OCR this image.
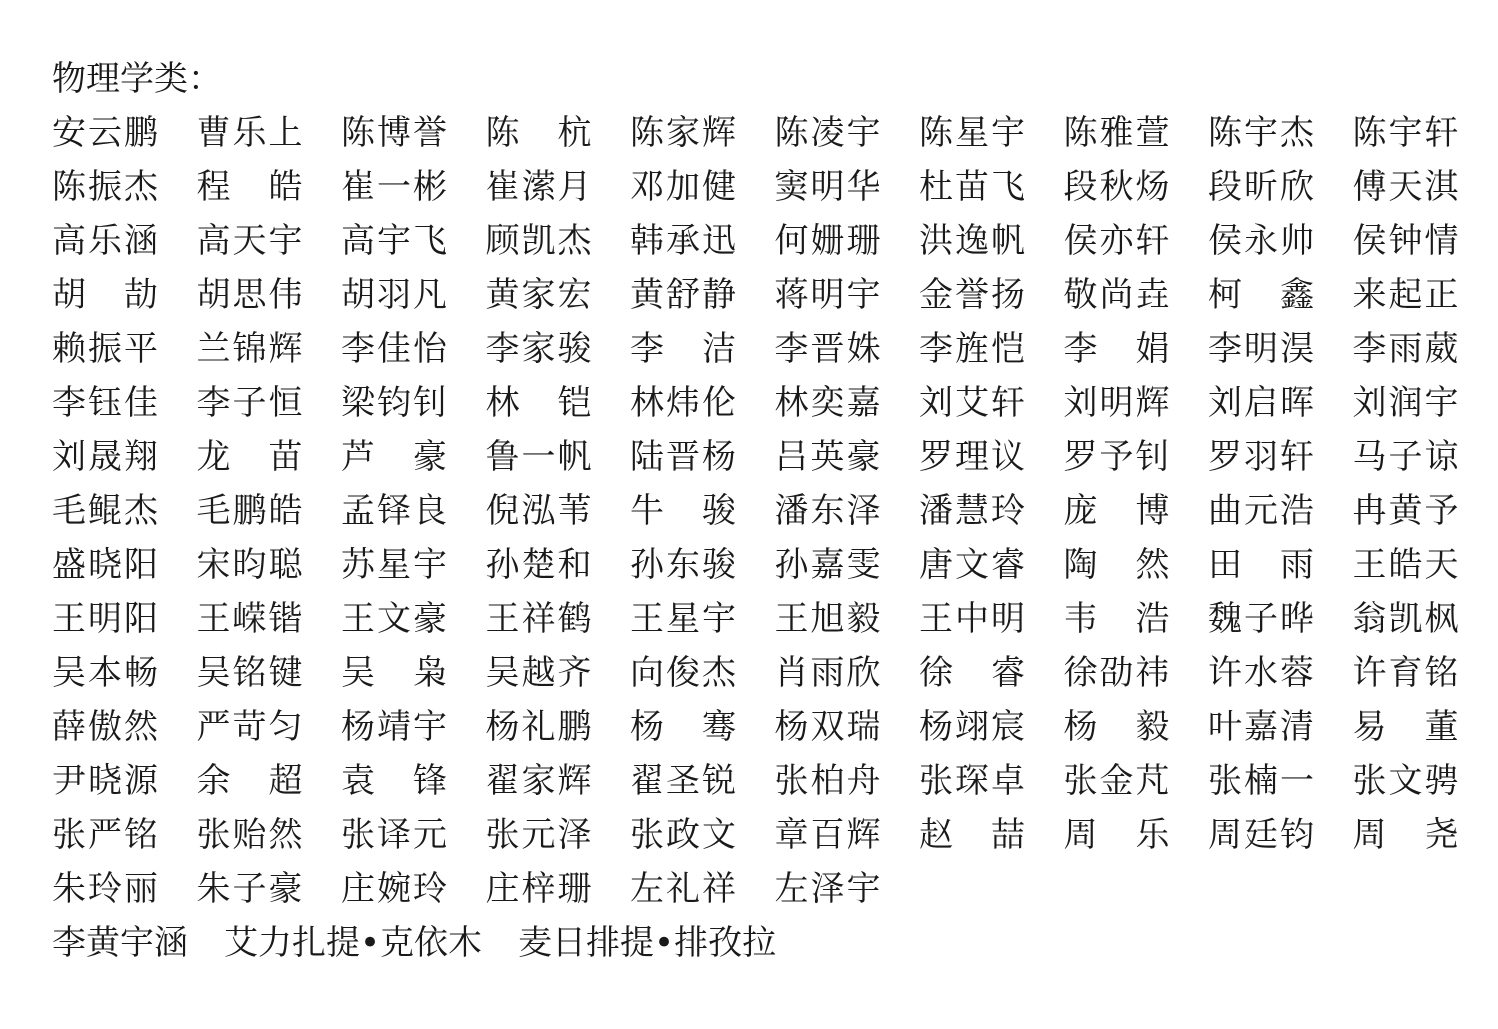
物理学类：
安云鹏 曹乐上 陈博誉 陈　杭 陈家辉 陈凌宇 陈星宇 陈雅萱 陈宇杰 陈宇轩
陈振杰 程　皓 崔一彬 崔潆月 邓加健 窦明华 杜苗飞 段秋炀 段昕欣 傅天淇
高乐涵 高天宇 高宇飞 顾凯杰 韩承迅 何姗珊 洪逸帆 侯亦轩 侯永帅 侯钟情
胡　劼 胡思伟 胡羽凡 黄家宏 黄舒静 蒋明宇 金誉扬 敬尚垚 柯　鑫 来起正
赖振平 兰锦辉 李佳怡 李家骏 李　洁 李晋姝 李旌恺 李　娟 李明淏 李雨葳
李钰佳 李子恒 梁钧钊 林　铠 林炜伦 林奕嘉 刘艾轩 刘明辉 刘启晖 刘润宇
刘晟翔 龙　苗 芦　豪 鲁一帆 陆晋杨 吕英豪 罗理议 罗予钊 罗羽轩 马子谅
毛鲲杰 毛鹏皓 孟铎良 倪泓苇 牛　骏 潘东泽 潘慧玲 庞　博 曲元浩 冉黄予
盛晓阳 宋昀聪 苏星宇 孙楚和 孙东骏 孙嘉雯 唐文睿 陶　然 田　雨 王皓天
王明阳 王嵘锴 王文豪 王祥鹤 王星宇 王旭毅 王中明 韦　浩 魏子晔 翁凯枫
吴本畅 吴铭键 吴　枭 吴越齐 向俊杰 肖雨欣 徐　睿 徐劭祎 许水蓉 许育铭
薛傲然 严苛匀 杨靖宇 杨礼鹏 杨　骞 杨双瑞 杨翊宸 杨　毅 叶嘉清 易　董
尹晓源 余　超 袁　锋 翟家辉 翟圣锐 张柏舟 张琛卓 张金芃 张楠一 张文骋
张严铭 张贻然 张译元 张元泽 张政文 章百辉 赵　喆 周　乐 周廷钧 周　尧
朱玲丽 朱子豪 庄婉玲 庄梓珊 左礼祥 左泽宇
李黄宇涵 艾力扎提•克依木 麦日排提•排孜拉
